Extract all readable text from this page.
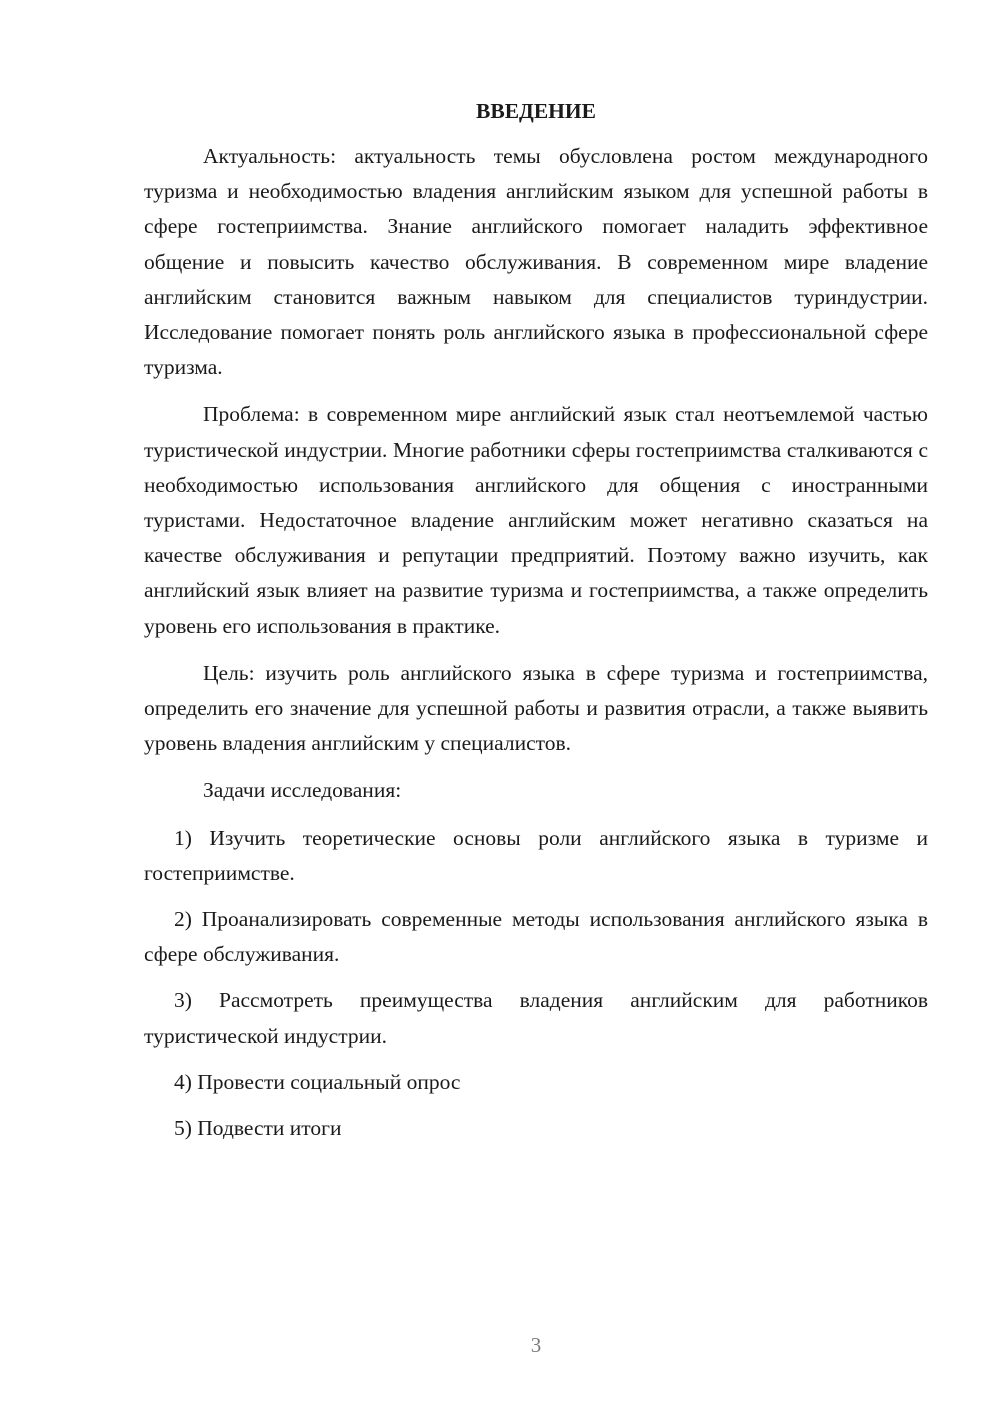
ВВЕДЕНИЕ

Актуальность: актуальность темы обусловлена ростом международного туризма и необходимостью владения английским языком для успешной работы в сфере гостеприимства. Знание английского помогает наладить эффективное общение и повысить качество обслуживания. В современном мире владение английским становится важным навыком для специалистов туриндустрии. Исследование помогает понять роль английского языка в профессиональной сфере туризма.

Проблема: в современном мире английский язык стал неотъемлемой частью туристической индустрии. Многие работники сферы гостеприимства сталкиваются с необходимостью использования английского для общения с иностранными туристами. Недостаточное владение английским может негативно сказаться на качестве обслуживания и репутации предприятий. Поэтому важно изучить, как английский язык влияет на развитие туризма и гостеприимства, а также определить уровень его использования в практике.

Цель: изучить роль английского языка в сфере туризма и гостеприимства, определить его значение для успешной работы и развития отрасли, а также выявить уровень владения английским у специалистов.

Задачи исследования:

1) Изучить теоретические основы роли английского языка в туризме и гостеприимстве.

2) Проанализировать современные методы использования английского языка в сфере обслуживания.

3) Рассмотреть преимущества владения английским для работников туристической индустрии.

4) Провести социальный опрос

5) Подвести итоги

3
